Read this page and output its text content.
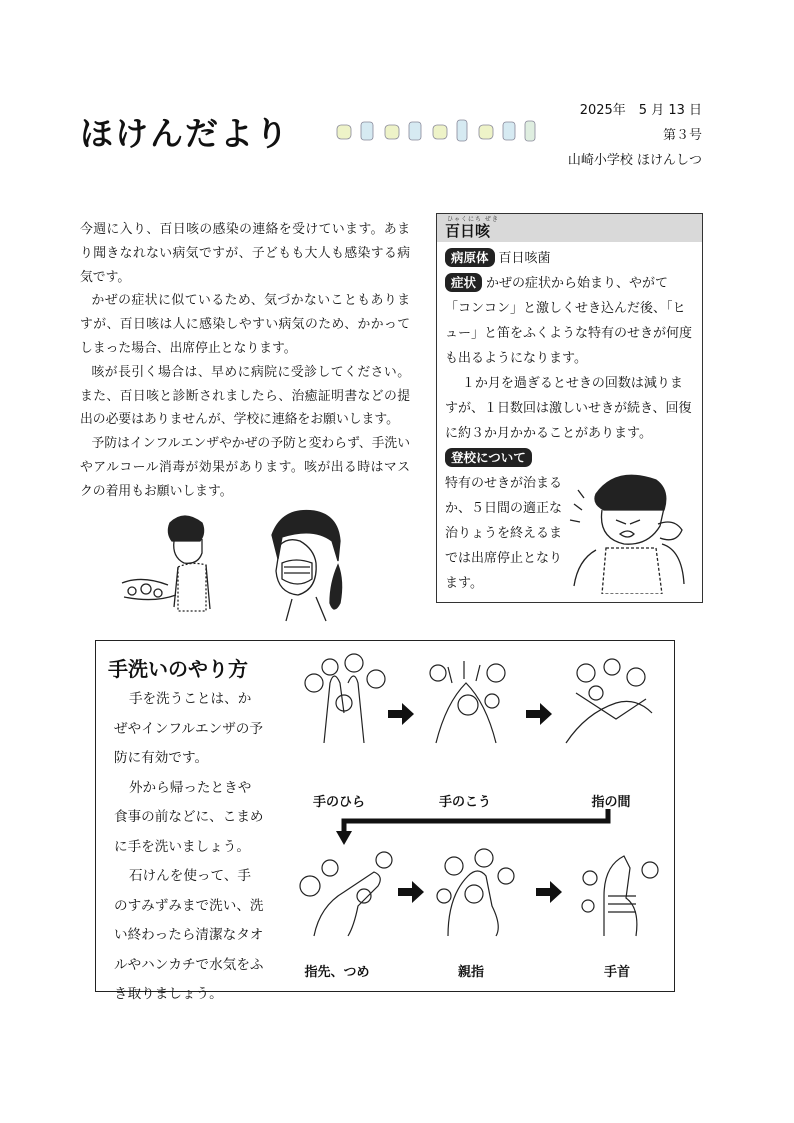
ほけんだより
2025年　5 月 13 日
第３号
山崎小学校 ほけんしつ

今週に入り、百日咳の感染の連絡を受けています。あまり聞きなれない病気ですが、子どもも大人も感染する病気です。

かぜの症状に似ているため、気づかないこともありますが、百日咳は人に感染しやすい病気のため、かかってしまった場合、出席停止となります。

咳が長引く場合は、早めに病院に受診してください。また、百日咳と診断されましたら、治癒証明書などの提出の必要はありませんが、学校に連絡をお願いします。

予防はインフルエンザやかぜの予防と変わらず、手洗いやアルコール消毒が効果があります。咳が出る時はマスクの着用もお願いします。

ひゃくにち ぜき
百日咳

病原体 百日咳菌

症状 かぜの症状から始まり、やがて「コンコン」と激しくせき込んだ後、「ヒュー」と笛をふくような特有のせきが何度も出るようになります。

１か月を過ぎるとせきの回数は減りますが、１日数回は激しいせきが続き、回復に約３か月かかることがあります。

登校について

特有のせきが治まるか、５日間の適正な治りょうを終えるまでは出席停止となります。

手洗いのやり方

手を洗うことは、かぜやインフルエンザの予防に有効です。

外から帰ったときや食事の前などに、こまめに手を洗いましょう。

石けんを使って、手のすみずみまで洗い、洗い終わったら清潔なタオルやハンカチで水気をふき取りましょう。

手のひら	手のこう	指の間
指先、つめ	親指	手首
